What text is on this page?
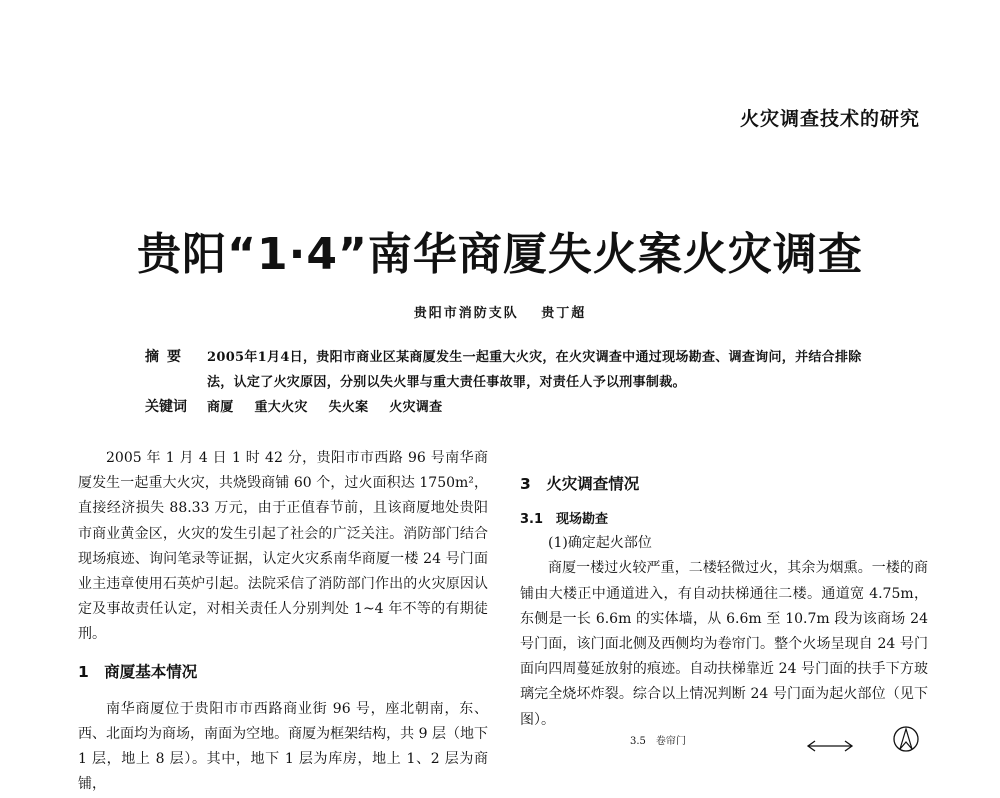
火灾调查技术的研究
贵阳“1·4”南华商厦失火案火灾调查
贵阳市消防支队 贵丁超
摘要	2005年1月4日，贵阳市商业区某商厦发生一起重大火灾，在火灾调查中通过现场勘查、调查询问，并结合排除法，认定了火灾原因，分别以失火罪与重大责任事故罪，对责任人予以刑事制裁。
关键词	商厦 重大火灾 失火案 火灾调查

2005 年 1 月 4 日 1 时 42 分，贵阳市市西路 96 号南华商厦发生一起重大火灾，共烧毁商铺 60 个，过火面积达 1750m²，直接经济损失 88.33 万元，由于正值春节前，且该商厦地处贵阳市商业黄金区，火灾的发生引起了社会的广泛关注。消防部门结合现场痕迹、询问笔录等证据，认定火灾系南华商厦一楼 24 号门面业主违章使用石英炉引起。法院采信了消防部门作出的火灾原因认定及事故责任认定，对相关责任人分别判处 1~4 年不等的有期徒刑。

1　商厦基本情况

南华商厦位于贵阳市市西路商业街 96 号，座北朝南，东、西、北面均为商场，南面为空地。商厦为框架结构，共 9 层（地下 1 层，地上 8 层）。其中，地下 1 层为库房，地上 1、2 层为商铺，

3　火灾调查情况
3.1　现场勘查

(1)确定起火部位

商厦一楼过火较严重，二楼轻微过火，其余为烟熏。一楼的商铺由大楼正中通道进入，有自动扶梯通往二楼。通道宽 4.75m，东侧是一长 6.6m 的实体墙，从 6.6m 至 10.7m 段为该商场 24 号门面，该门面北侧及西侧均为卷帘门。整个火场呈现自 24 号门面向四周蔓延放射的痕迹。自动扶梯靠近 24 号门面的扶手下方玻璃完全烧坏炸裂。综合以上情况判断 24 号门面为起火部位（见下图）。

3.5　卷帘门
